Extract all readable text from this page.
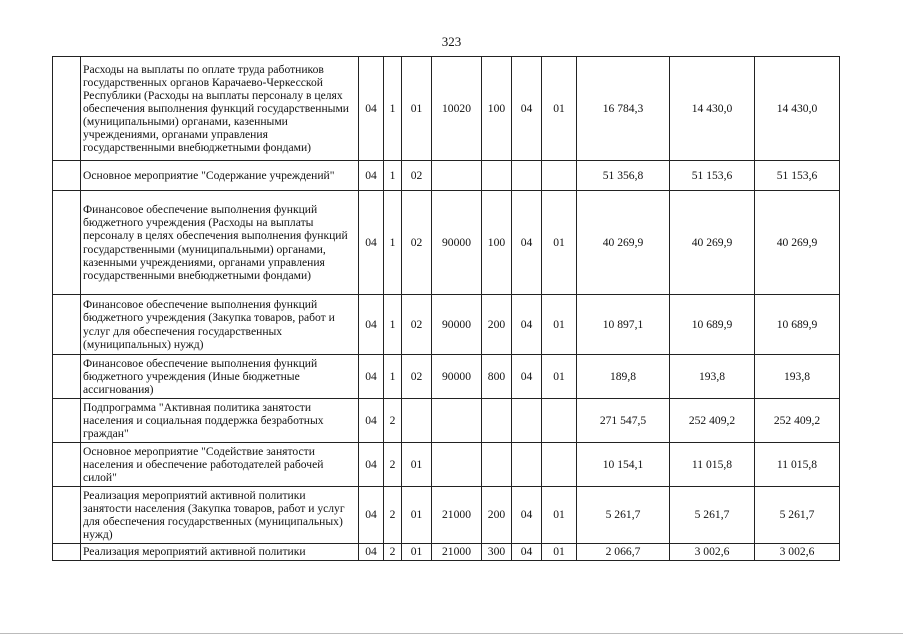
323
	Расходы на выплаты по оплате труда работников государственных органов Карачаево-Черкесской Республики (Расходы на выплаты персоналу в целях обеспечения выполнения функций государственными (муниципальными) органами, казенными учреждениями, органами управления государственными внебюджетными фондами)	04	1	01	10020	100	04	01	16 784,3	14 430,0	14 430,0
	Основное мероприятие "Содержание учреждений"	04	1	02					51 356,8	51 153,6	51 153,6
	Финансовое обеспечение выполнения функций бюджетного учреждения (Расходы на выплаты персоналу в целях обеспечения выполнения функций государственными (муниципальными) органами, казенными учреждениями, органами управления государственными внебюджетными фондами)	04	1	02	90000	100	04	01	40 269,9	40 269,9	40 269,9
	Финансовое обеспечение выполнения функций бюджетного учреждения (Закупка товаров, работ и услуг для обеспечения государственных (муниципальных) нужд)	04	1	02	90000	200	04	01	10 897,1	10 689,9	10 689,9
	Финансовое обеспечение выполнения функций бюджетного учреждения (Иные бюджетные ассигнования)	04	1	02	90000	800	04	01	189,8	193,8	193,8
	Подпрограмма "Активная политика занятости населения и социальная поддержка безработных граждан"	04	2						271 547,5	252 409,2	252 409,2
	Основное мероприятие "Содействие занятости населения и обеспечение работодателей рабочей силой"	04	2	01					10 154,1	11 015,8	11 015,8
	Реализация мероприятий активной политики занятости населения (Закупка товаров, работ и услуг для обеспечения государственных (муниципальных) нужд)	04	2	01	21000	200	04	01	5 261,7	5 261,7	5 261,7
	Реализация мероприятий активной политики	04	2	01	21000	300	04	01	2 066,7	3 002,6	3 002,6
